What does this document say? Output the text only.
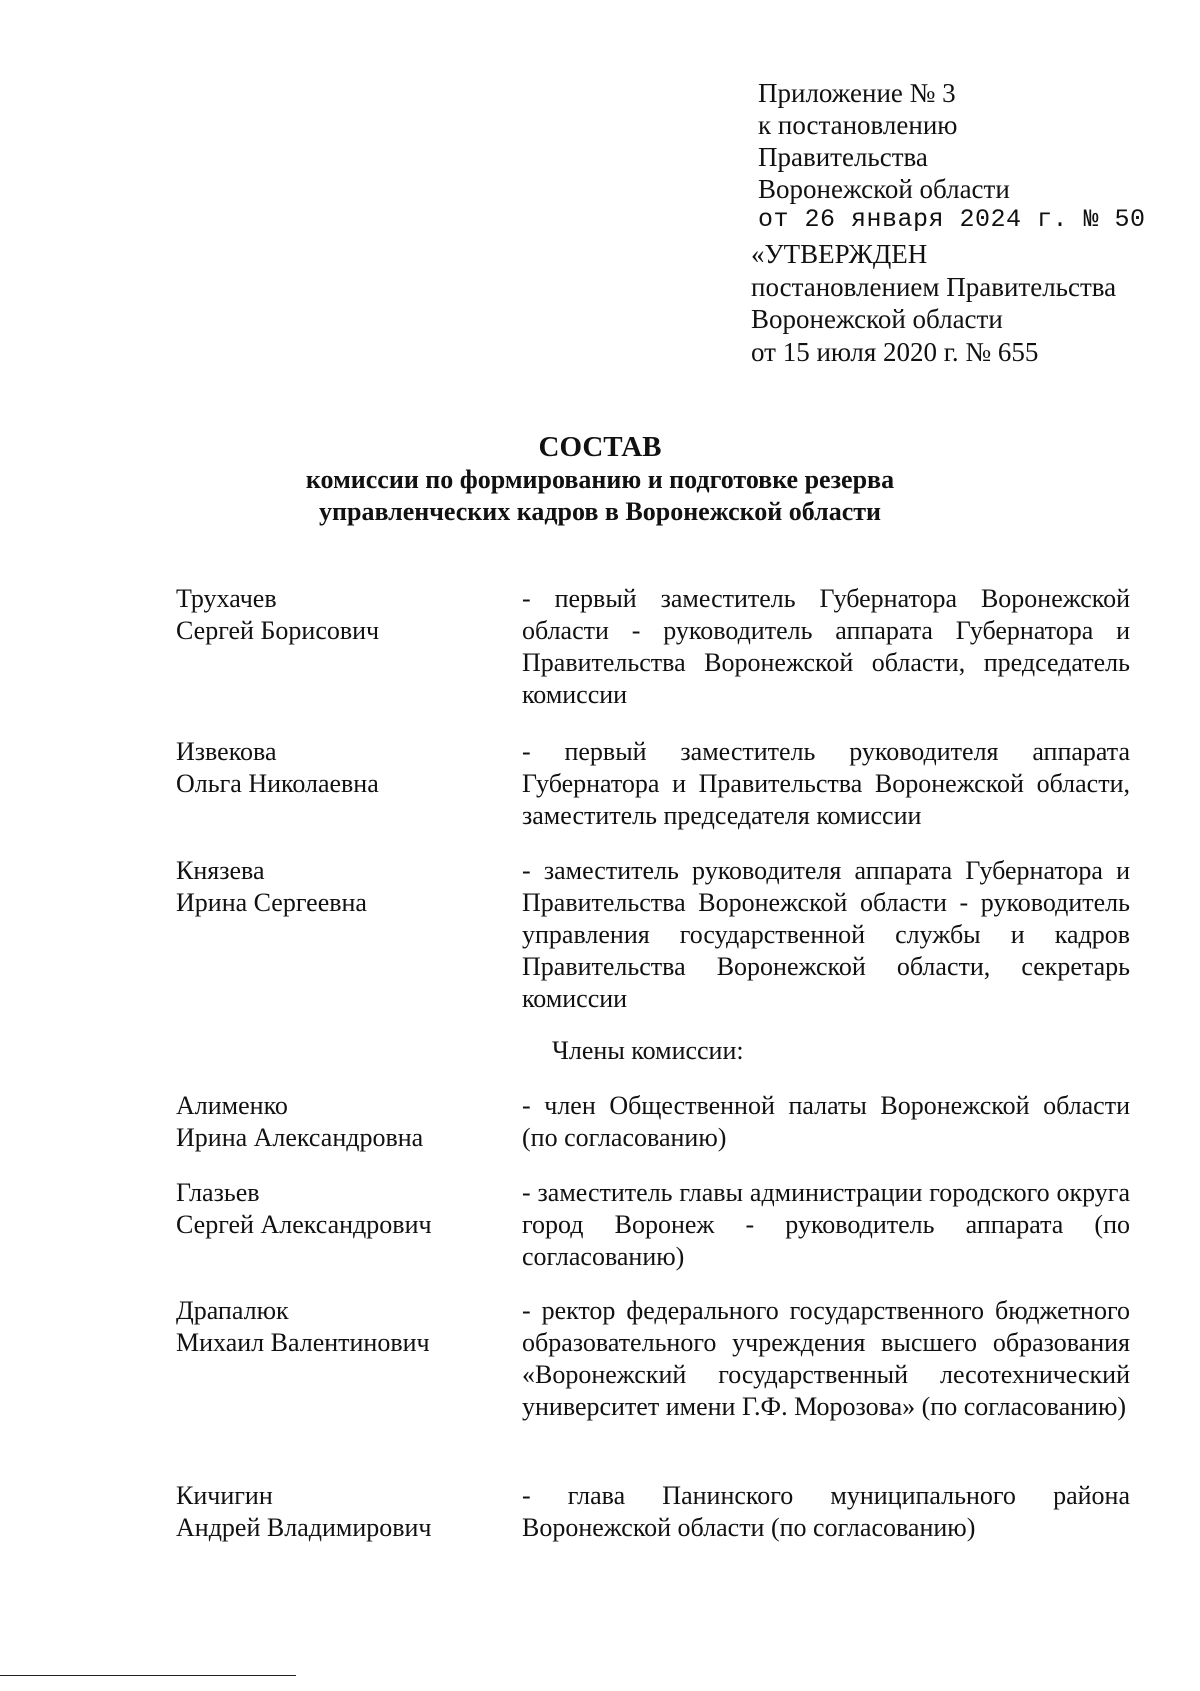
Приложение № 3
к постановлению
Правительства
Воронежской области
от 26 января 2024 г. № 50
«УТВЕРЖДЕН
постановлением Правительства
Воронежской области
от 15 июля 2020 г. № 655
СОСТАВ
комиссии по формированию и подготовке резерва
управленческих кадров в Воронежской области
Трухачев
Сергей Борисович
- первый заместитель Губернатора Воронежской области - руководитель аппарата Губернатора и Правительства Воронежской области, председатель комиссии
Извекова
Ольга Николаевна
- первый заместитель руководителя аппарата Губернатора и Правительства Воронежской области, заместитель председателя комиссии
Князева
Ирина Сергеевна
- заместитель руководителя аппарата Губернатора и Правительства Воронежской области - руководитель управления государственной службы и кадров Правительства Воронежской области, секретарь комиссии
Члены комиссии:
Алименко
Ирина Александровна
- член Общественной палаты Воронежской области (по согласованию)
Глазьев
Сергей Александрович
- заместитель главы администрации городского округа город Воронеж - руководитель аппарата (по согласованию)
Драпалюк
Михаил Валентинович
- ректор федерального государственного бюджетного образовательного учреждения высшего образования «Воронежский государственный лесотехнический университет имени Г.Ф. Морозова» (по согласованию)
Кичигин
Андрей Владимирович
- глава Панинского муниципального района Воронежской области (по согласованию)
